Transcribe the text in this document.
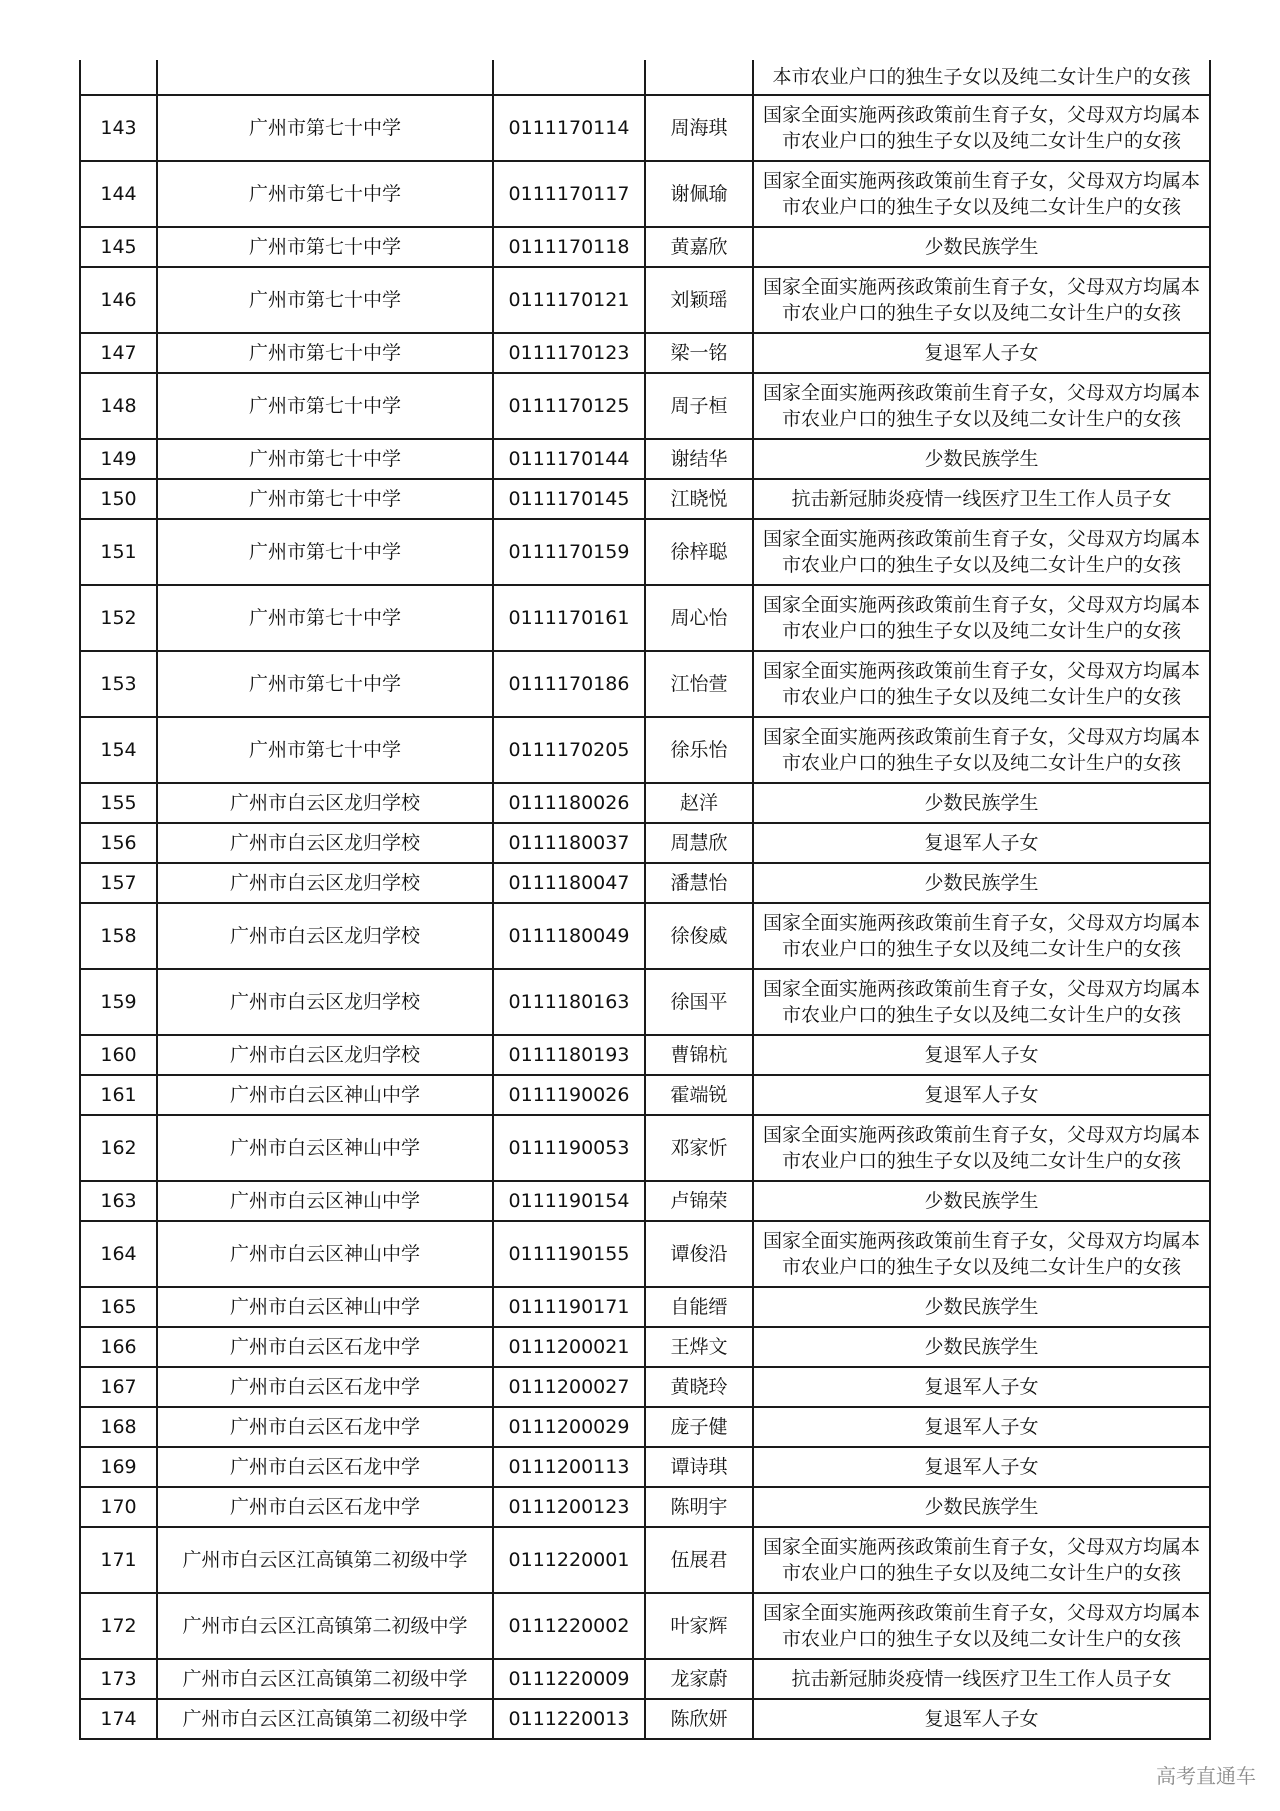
				本市农业户口的独生子女以及纯二女计生户的女孩
143	广州市第七十中学	0111170114	周海琪	国家全面实施两孩政策前生育子女，父母双方均属本市农业户口的独生子女以及纯二女计生户的女孩
144	广州市第七十中学	0111170117	谢佩瑜	国家全面实施两孩政策前生育子女，父母双方均属本市农业户口的独生子女以及纯二女计生户的女孩
145	广州市第七十中学	0111170118	黄嘉欣	少数民族学生
146	广州市第七十中学	0111170121	刘颖瑶	国家全面实施两孩政策前生育子女，父母双方均属本市农业户口的独生子女以及纯二女计生户的女孩
147	广州市第七十中学	0111170123	梁一铭	复退军人子女
148	广州市第七十中学	0111170125	周子桓	国家全面实施两孩政策前生育子女，父母双方均属本市农业户口的独生子女以及纯二女计生户的女孩
149	广州市第七十中学	0111170144	谢结华	少数民族学生
150	广州市第七十中学	0111170145	江晓悦	抗击新冠肺炎疫情一线医疗卫生工作人员子女
151	广州市第七十中学	0111170159	徐梓聪	国家全面实施两孩政策前生育子女，父母双方均属本市农业户口的独生子女以及纯二女计生户的女孩
152	广州市第七十中学	0111170161	周心怡	国家全面实施两孩政策前生育子女，父母双方均属本市农业户口的独生子女以及纯二女计生户的女孩
153	广州市第七十中学	0111170186	江怡萱	国家全面实施两孩政策前生育子女，父母双方均属本市农业户口的独生子女以及纯二女计生户的女孩
154	广州市第七十中学	0111170205	徐乐怡	国家全面实施两孩政策前生育子女，父母双方均属本市农业户口的独生子女以及纯二女计生户的女孩
155	广州市白云区龙归学校	0111180026	赵洋	少数民族学生
156	广州市白云区龙归学校	0111180037	周慧欣	复退军人子女
157	广州市白云区龙归学校	0111180047	潘慧怡	少数民族学生
158	广州市白云区龙归学校	0111180049	徐俊威	国家全面实施两孩政策前生育子女，父母双方均属本市农业户口的独生子女以及纯二女计生户的女孩
159	广州市白云区龙归学校	0111180163	徐国平	国家全面实施两孩政策前生育子女，父母双方均属本市农业户口的独生子女以及纯二女计生户的女孩
160	广州市白云区龙归学校	0111180193	曹锦杭	复退军人子女
161	广州市白云区神山中学	0111190026	霍端锐	复退军人子女
162	广州市白云区神山中学	0111190053	邓家忻	国家全面实施两孩政策前生育子女，父母双方均属本市农业户口的独生子女以及纯二女计生户的女孩
163	广州市白云区神山中学	0111190154	卢锦荣	少数民族学生
164	广州市白云区神山中学	0111190155	谭俊沿	国家全面实施两孩政策前生育子女，父母双方均属本市农业户口的独生子女以及纯二女计生户的女孩
165	广州市白云区神山中学	0111190171	自能缙	少数民族学生
166	广州市白云区石龙中学	0111200021	王烨文	少数民族学生
167	广州市白云区石龙中学	0111200027	黄晓玲	复退军人子女
168	广州市白云区石龙中学	0111200029	庞子健	复退军人子女
169	广州市白云区石龙中学	0111200113	谭诗琪	复退军人子女
170	广州市白云区石龙中学	0111200123	陈明宇	少数民族学生
171	广州市白云区江高镇第二初级中学	0111220001	伍展君	国家全面实施两孩政策前生育子女，父母双方均属本市农业户口的独生子女以及纯二女计生户的女孩
172	广州市白云区江高镇第二初级中学	0111220002	叶家辉	国家全面实施两孩政策前生育子女，父母双方均属本市农业户口的独生子女以及纯二女计生户的女孩
173	广州市白云区江高镇第二初级中学	0111220009	龙家蔚	抗击新冠肺炎疫情一线医疗卫生工作人员子女
174	广州市白云区江高镇第二初级中学	0111220013	陈欣妍	复退军人子女
高考直通车
